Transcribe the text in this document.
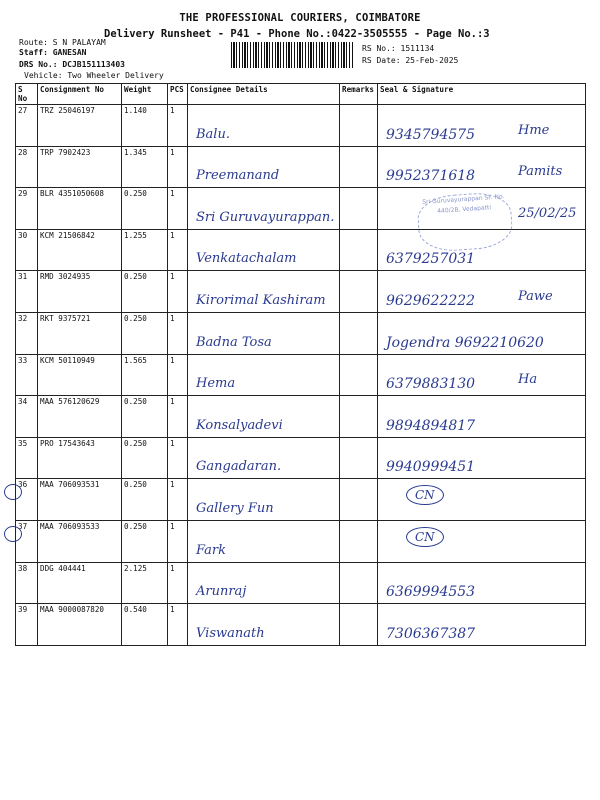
THE PROFESSIONAL COURIERS, COIMBATORE
Delivery Runsheet - P41 - Phone No.:0422-3505555 - Page No.:3
Route: S N PALAYAM
Staff: GANESAN
DRS No.: DCJB151113403
Vehicle: Two Wheeler Delivery
RS No.: 1511134
RS Date: 25-Feb-2025
S No	Consignment No	Weight	PCS	Consignee Details	Remarks	Seal & Signature
27	TRZ 25046197	1.140	1	Balu.		9345794575 Hme

28	TRP 7902423	1.345	1	Preemanand		9952371618 Pamits

29	BLR 4351050608	0.250	1	Sri Guruvayurappan.		Sri Guruvayurappan SF. No. 440/2B, Vedapatti 25/02/25

30	KCM 21506842	1.255	1	Venkatachalam		6379257031

31	RMD 3024935	0.250	1	Kirorimal Kashiram		9629622222 Pawe

32	RKT 9375721	0.250	1	Badna Tosa		Jogendra 9692210620

33	KCM 50110949	1.565	1	Hema		6379883130 Ha

34	MAA 576120629	0.250	1	Konsalyadevi		9894894817

35	PRO 17543643	0.250	1	Gangadaran.		9940999451

36	MAA 706093531	0.250	1	Gallery Fun		CN

37	MAA 706093533	0.250	1	Fark		CN

38	DDG 404441	2.125	1	Arunraj		6369994553

39	MAA 9000087820	0.540	1	Viswanath		7306367387
